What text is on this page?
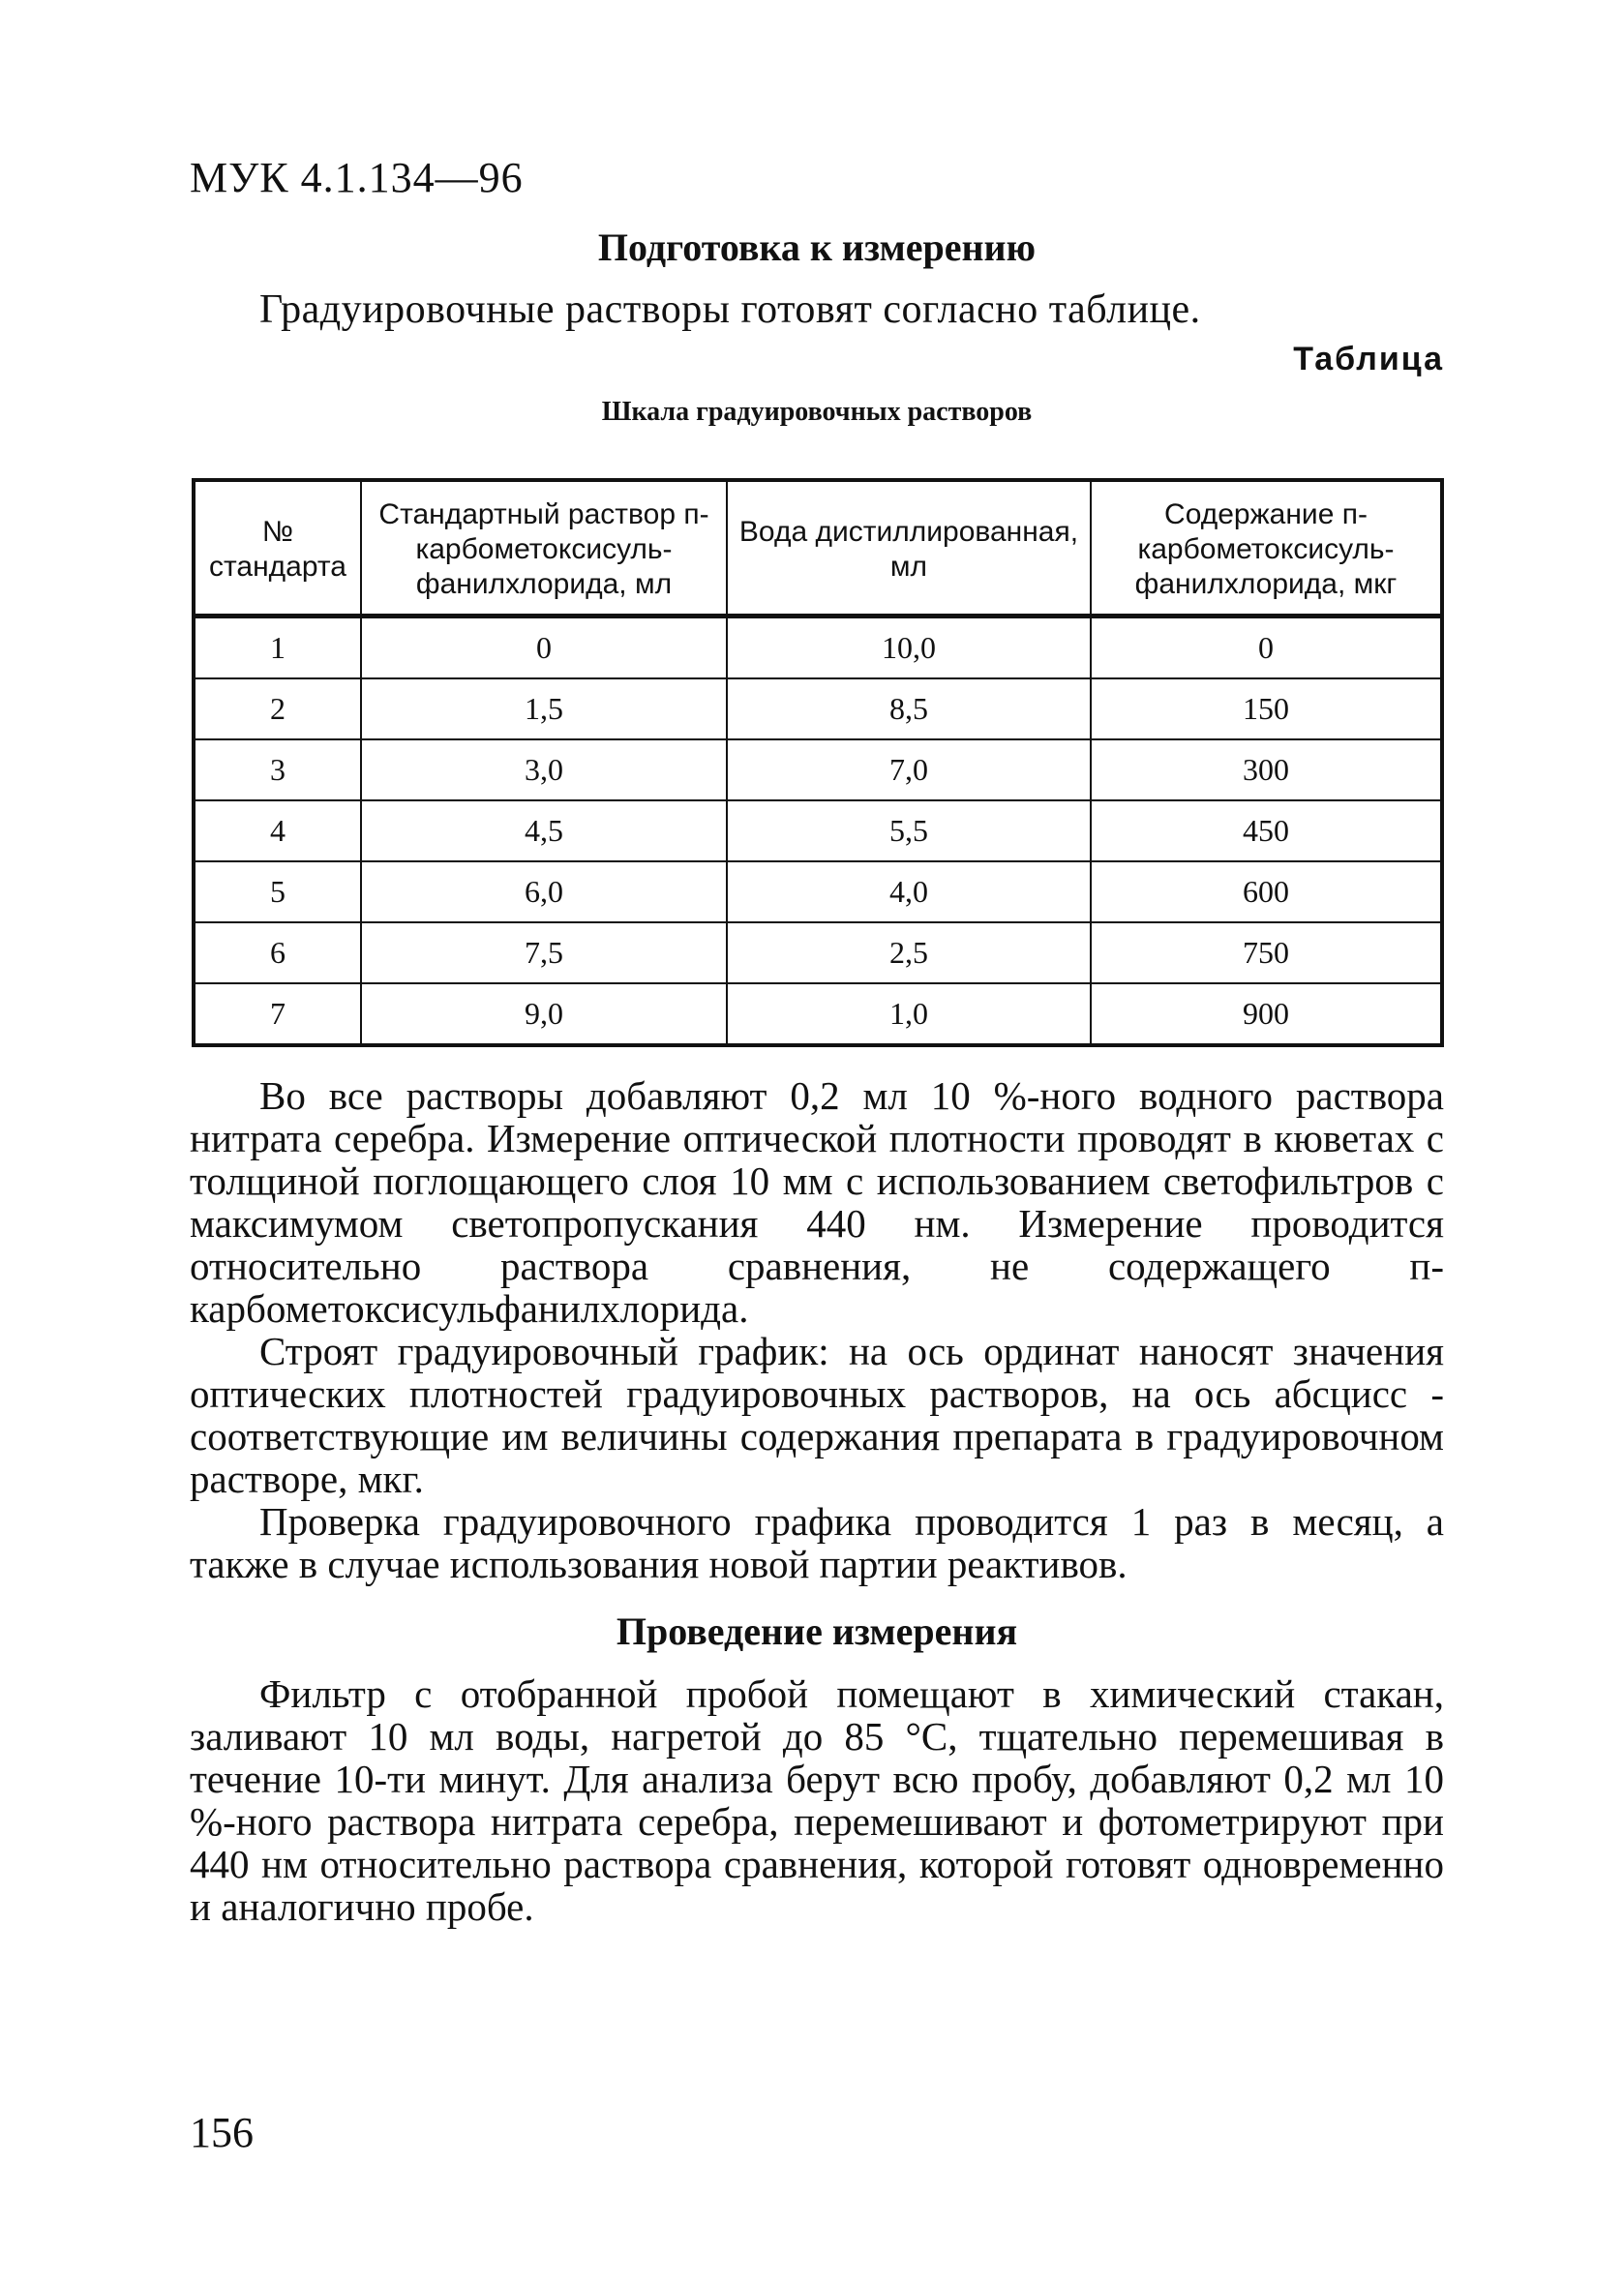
МУК 4.1.134—96
Подготовка к измерению
Градуировочные растворы готовят согласно таблице.
Таблица
Шкала градуировочных растворов
№ стандарта	Стандартный раствор п-карбометоксисуль-фанилхлорида, мл	Вода дистиллированная, мл	Содержание п-карбометоксисуль-фанилхлорида, мкг
1	0	10,0	0
2	1,5	8,5	150
3	3,0	7,0	300
4	4,5	5,5	450
5	6,0	4,0	600
6	7,5	2,5	750
7	9,0	1,0	900

Во все растворы добавляют 0,2 мл 10 %-ного водного раствора нитрата серебра. Измерение оптической плотности проводят в кюветах с толщиной поглощающего слоя 10 мм с использованием светофильтров с максимумом светопропускания 440 нм. Измерение проводится относительно раствора сравнения, не содержащего п-карбометоксисульфанилхлорида.

Строят градуировочный график: на ось ординат наносят значения оптических плотностей градуировочных растворов, на ось абсцисс - соответствующие им величины содержания препарата в градуировочном растворе, мкг.

Проверка градуировочного графика проводится 1 раз в месяц, а также в случае использования новой партии реактивов.

Проведение измерения

Фильтр с отобранной пробой помещают в химический стакан, заливают 10 мл воды, нагретой до 85 °С, тщательно перемешивая в течение 10-ти минут. Для анализа берут всю пробу, добавляют 0,2 мл 10 %-ного раствора нитрата серебра, перемешивают и фотометрируют при 440 нм относительно раствора сравнения, которой готовят одновременно и аналогично пробе.

156
